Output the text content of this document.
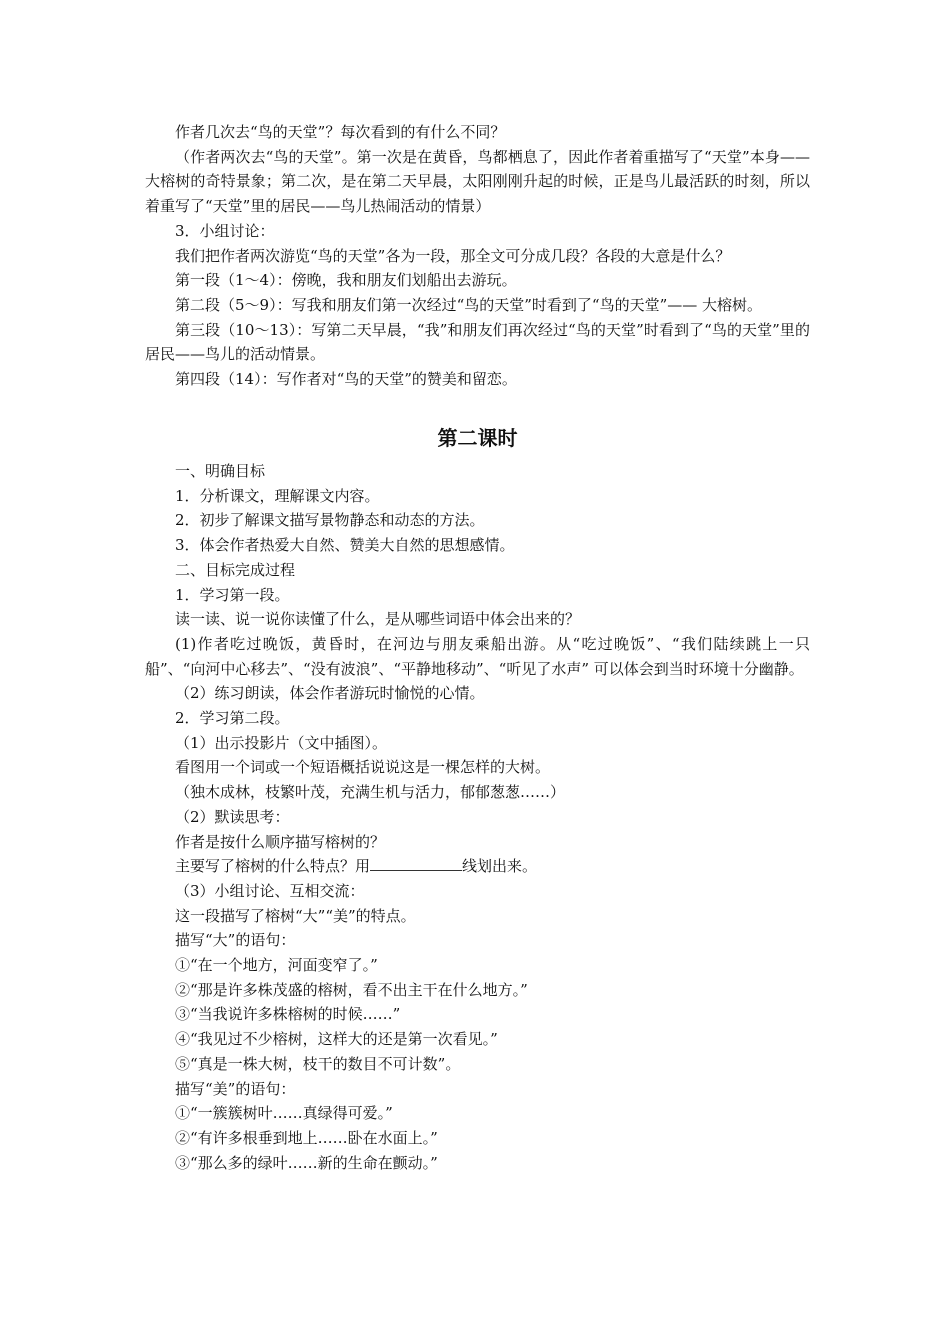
作者几次去“鸟的天堂”？每次看到的有什么不同？

（作者两次去“鸟的天堂”。第一次是在黄昏，鸟都栖息了，因此作者着重描写了“天堂”本身——大榕树的奇特景象；第二次，是在第二天早晨，太阳刚刚升起的时候，正是鸟儿最活跃的时刻，所以着重写了“天堂”里的居民——鸟儿热闹活动的情景）

3．小组讨论：

我们把作者两次游览“鸟的天堂”各为一段，那全文可分成几段？各段的大意是什么？

第一段（1～4）：傍晚，我和朋友们划船出去游玩。

第二段（5～9）：写我和朋友们第一次经过“鸟的天堂”时看到了“鸟的天堂”—— 大榕树。

第三段（10～13）：写第二天早晨，“我”和朋友们再次经过“鸟的天堂”时看到了“鸟的天堂”里的居民——鸟儿的活动情景。

第四段（14）：写作者对“鸟的天堂”的赞美和留恋。

第二课时

一、明确目标

1．分析课文，理解课文内容。

2．初步了解课文描写景物静态和动态的方法。

3．体会作者热爱大自然、赞美大自然的思想感情。

二、目标完成过程

1．学习第一段。

读一读、说一说你读懂了什么，是从哪些词语中体会出来的？

(1)作者吃过晚饭，黄昏时，在河边与朋友乘船出游。从“吃过晚饭”、“我们陆续跳上一只船”、“向河中心移去”、“没有波浪”、“平静地移动”、“听见了水声” 可以体会到当时环境十分幽静。

（2）练习朗读，体会作者游玩时愉悦的心情。

2．学习第二段。

（1）出示投影片（文中插图）。

看图用一个词或一个短语概括说说这是一棵怎样的大树。

（独木成林，枝繁叶茂，充满生机与活力，郁郁葱葱……）

（2）默读思考：

作者是按什么顺序描写榕树的？

主要写了榕树的什么特点？用	线划出来。

（3）小组讨论、互相交流：

这一段描写了榕树“大”“美”的特点。

描写“大”的语句：

①“在一个地方，河面变窄了。”

②“那是许多株茂盛的榕树，看不出主干在什么地方。”

③“当我说许多株榕树的时候……”

④“我见过不少榕树，这样大的还是第一次看见。”

⑤“真是一株大树，枝干的数目不可计数”。

描写“美”的语句：

①“一簇簇树叶……真绿得可爱。”

②“有许多根垂到地上……卧在水面上。”

③“那么多的绿叶……新的生命在颤动。”
